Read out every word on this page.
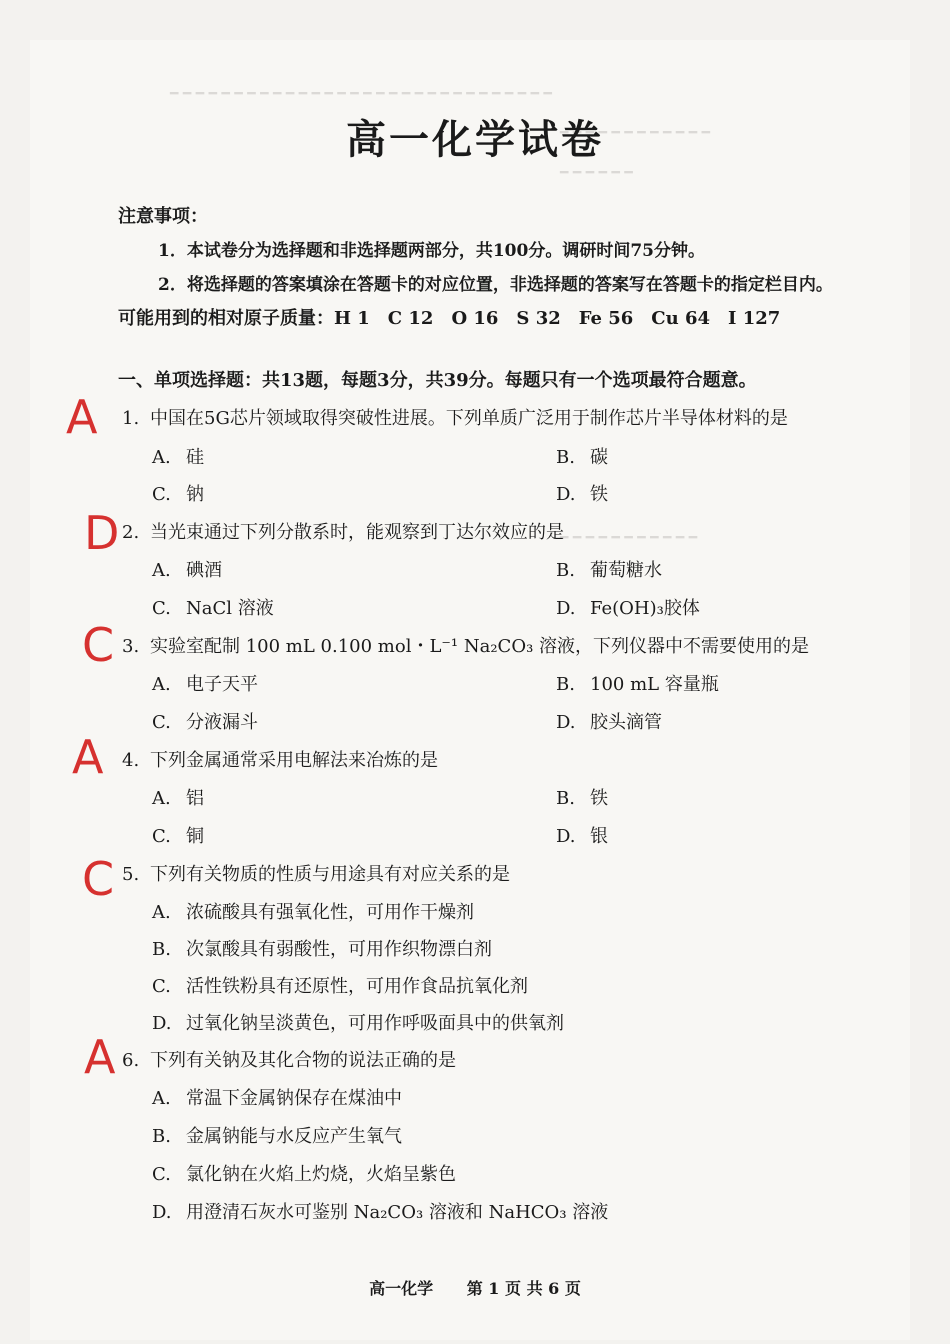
━ ━ ━ ━ ━ ━ ━ ━ ━ ━ ━ ━ ━ ━ ━ ━ ━ ━ ━ ━ ━ ━ ━ ━ ━ ━ ━ ━ ━ ━
━ ━ ━ ━ ━ ━ ━ ━ ━ ━ ━ ━
━ ━ ━ ━ ━ ━
━ ━ ━ ━ ━ ━ ━ ━ ━ ━ ━
高一化学试卷
注意事项：
1．本试卷分为选择题和非选择题两部分，共100分。调研时间75分钟。
2．将选择题的答案填涂在答题卡的对应位置，非选择题的答案写在答题卡的指定栏目内。
可能用到的相对原子质量：H 1　C 12　O 16　S 32　Fe 56　Cu 64　I 127
一、单项选择题：共13题，每题3分，共39分。每题只有一个选项最符合题意。
A 1. 中国在5G芯片领域取得突破性进展。下列单质广泛用于制作芯片半导体材料的是
A. 硅	B. 碳
C. 钠	D. 铁
D 2. 当光束通过下列分散系时，能观察到丁达尔效应的是
A. 碘酒	B. 葡萄糖水
C. NaCl 溶液	D. Fe(OH)₃胶体
C 3. 实验室配制 100 mL 0.100 mol・L⁻¹ Na₂CO₃ 溶液，下列仪器中不需要使用的是
A. 电子天平	B. 100 mL 容量瓶
C. 分液漏斗	D. 胶头滴管
A 4. 下列金属通常采用电解法来冶炼的是
A. 铝	B. 铁
C. 铜	D. 银
C 5. 下列有关物质的性质与用途具有对应关系的是
A. 浓硫酸具有强氧化性，可用作干燥剂
B. 次氯酸具有弱酸性，可用作织物漂白剂
C. 活性铁粉具有还原性，可用作食品抗氧化剂
D. 过氧化钠呈淡黄色，可用作呼吸面具中的供氧剂
A 6. 下列有关钠及其化合物的说法正确的是
A. 常温下金属钠保存在煤油中
B. 金属钠能与水反应产生氧气
C. 氯化钠在火焰上灼烧，火焰呈紫色
D. 用澄清石灰水可鉴别 Na₂CO₃ 溶液和 NaHCO₃ 溶液
高一化学 第 1 页 共 6 页
